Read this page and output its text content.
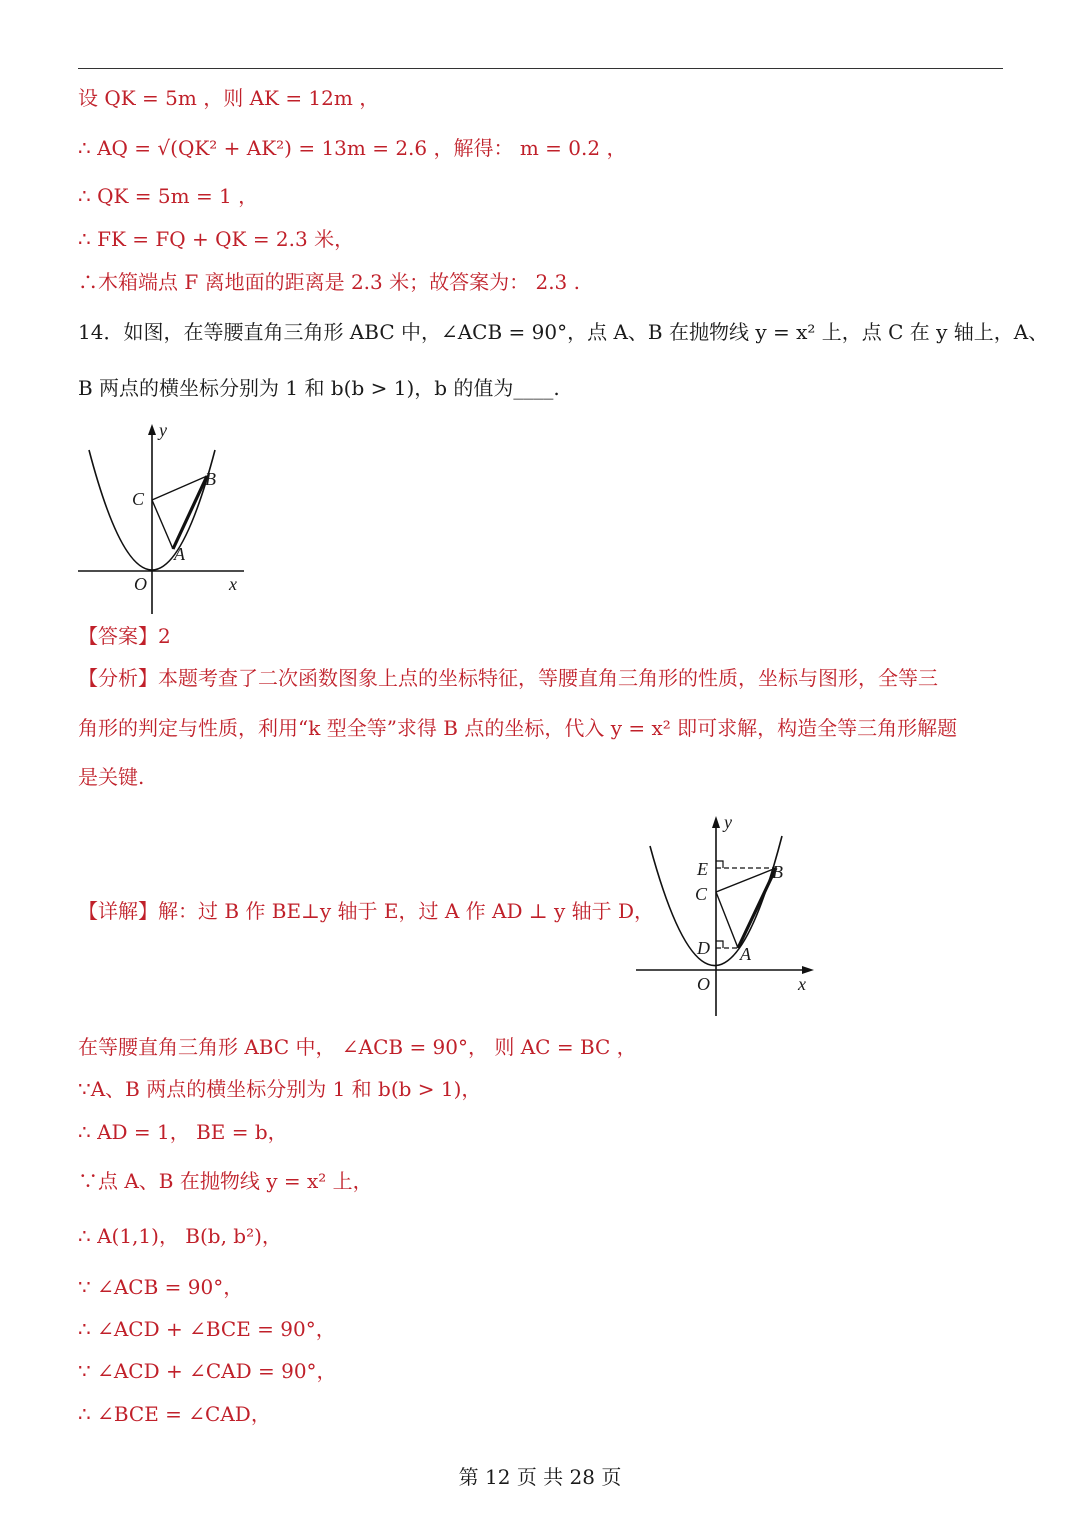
设 QK = 5m ，则 AK = 12m ，
∴ AQ = √(QK² + AK²) = 13m = 2.6 ，解得： m = 0.2 ，
∴ QK = 5m = 1 ，
∴ FK = FQ + QK = 2.3 米，
∴木箱端点 F 离地面的距离是 2.3 米；故答案为： 2.3 .
14．如图，在等腰直角三角形 ABC 中，∠ACB = 90°，点 A、B 在抛物线 y = x² 上，点 C 在 y 轴上，A、
B 两点的横坐标分别为 1 和 b(b > 1)，b 的值为____.
y
C
B
A
O	x
【答案】2
【分析】本题考查了二次函数图象上点的坐标特征，等腰直角三角形的性质，坐标与图形，全等三
角形的判定与性质，利用“k 型全等”求得 B 点的坐标，代入 y = x² 即可求解，构造全等三角形解题
是关键.
【详解】解：过 B 作 BE⊥y 轴于 E，过 A 作 AD ⊥ y 轴于 D，
y
E	B
C
D A
O	x
在等腰直角三角形 ABC 中， ∠ACB = 90°， 则 AC = BC ，
∵A、B 两点的横坐标分别为 1 和 b(b > 1)，
∴ AD = 1， BE = b，
∵点 A、B 在抛物线 y = x² 上，
∴ A(1,1)， B(b, b²)，
∵ ∠ACB = 90°，
∴ ∠ACD + ∠BCE = 90°，
∵ ∠ACD + ∠CAD = 90°，
∴ ∠BCE = ∠CAD，
第 12 页 共 28 页
